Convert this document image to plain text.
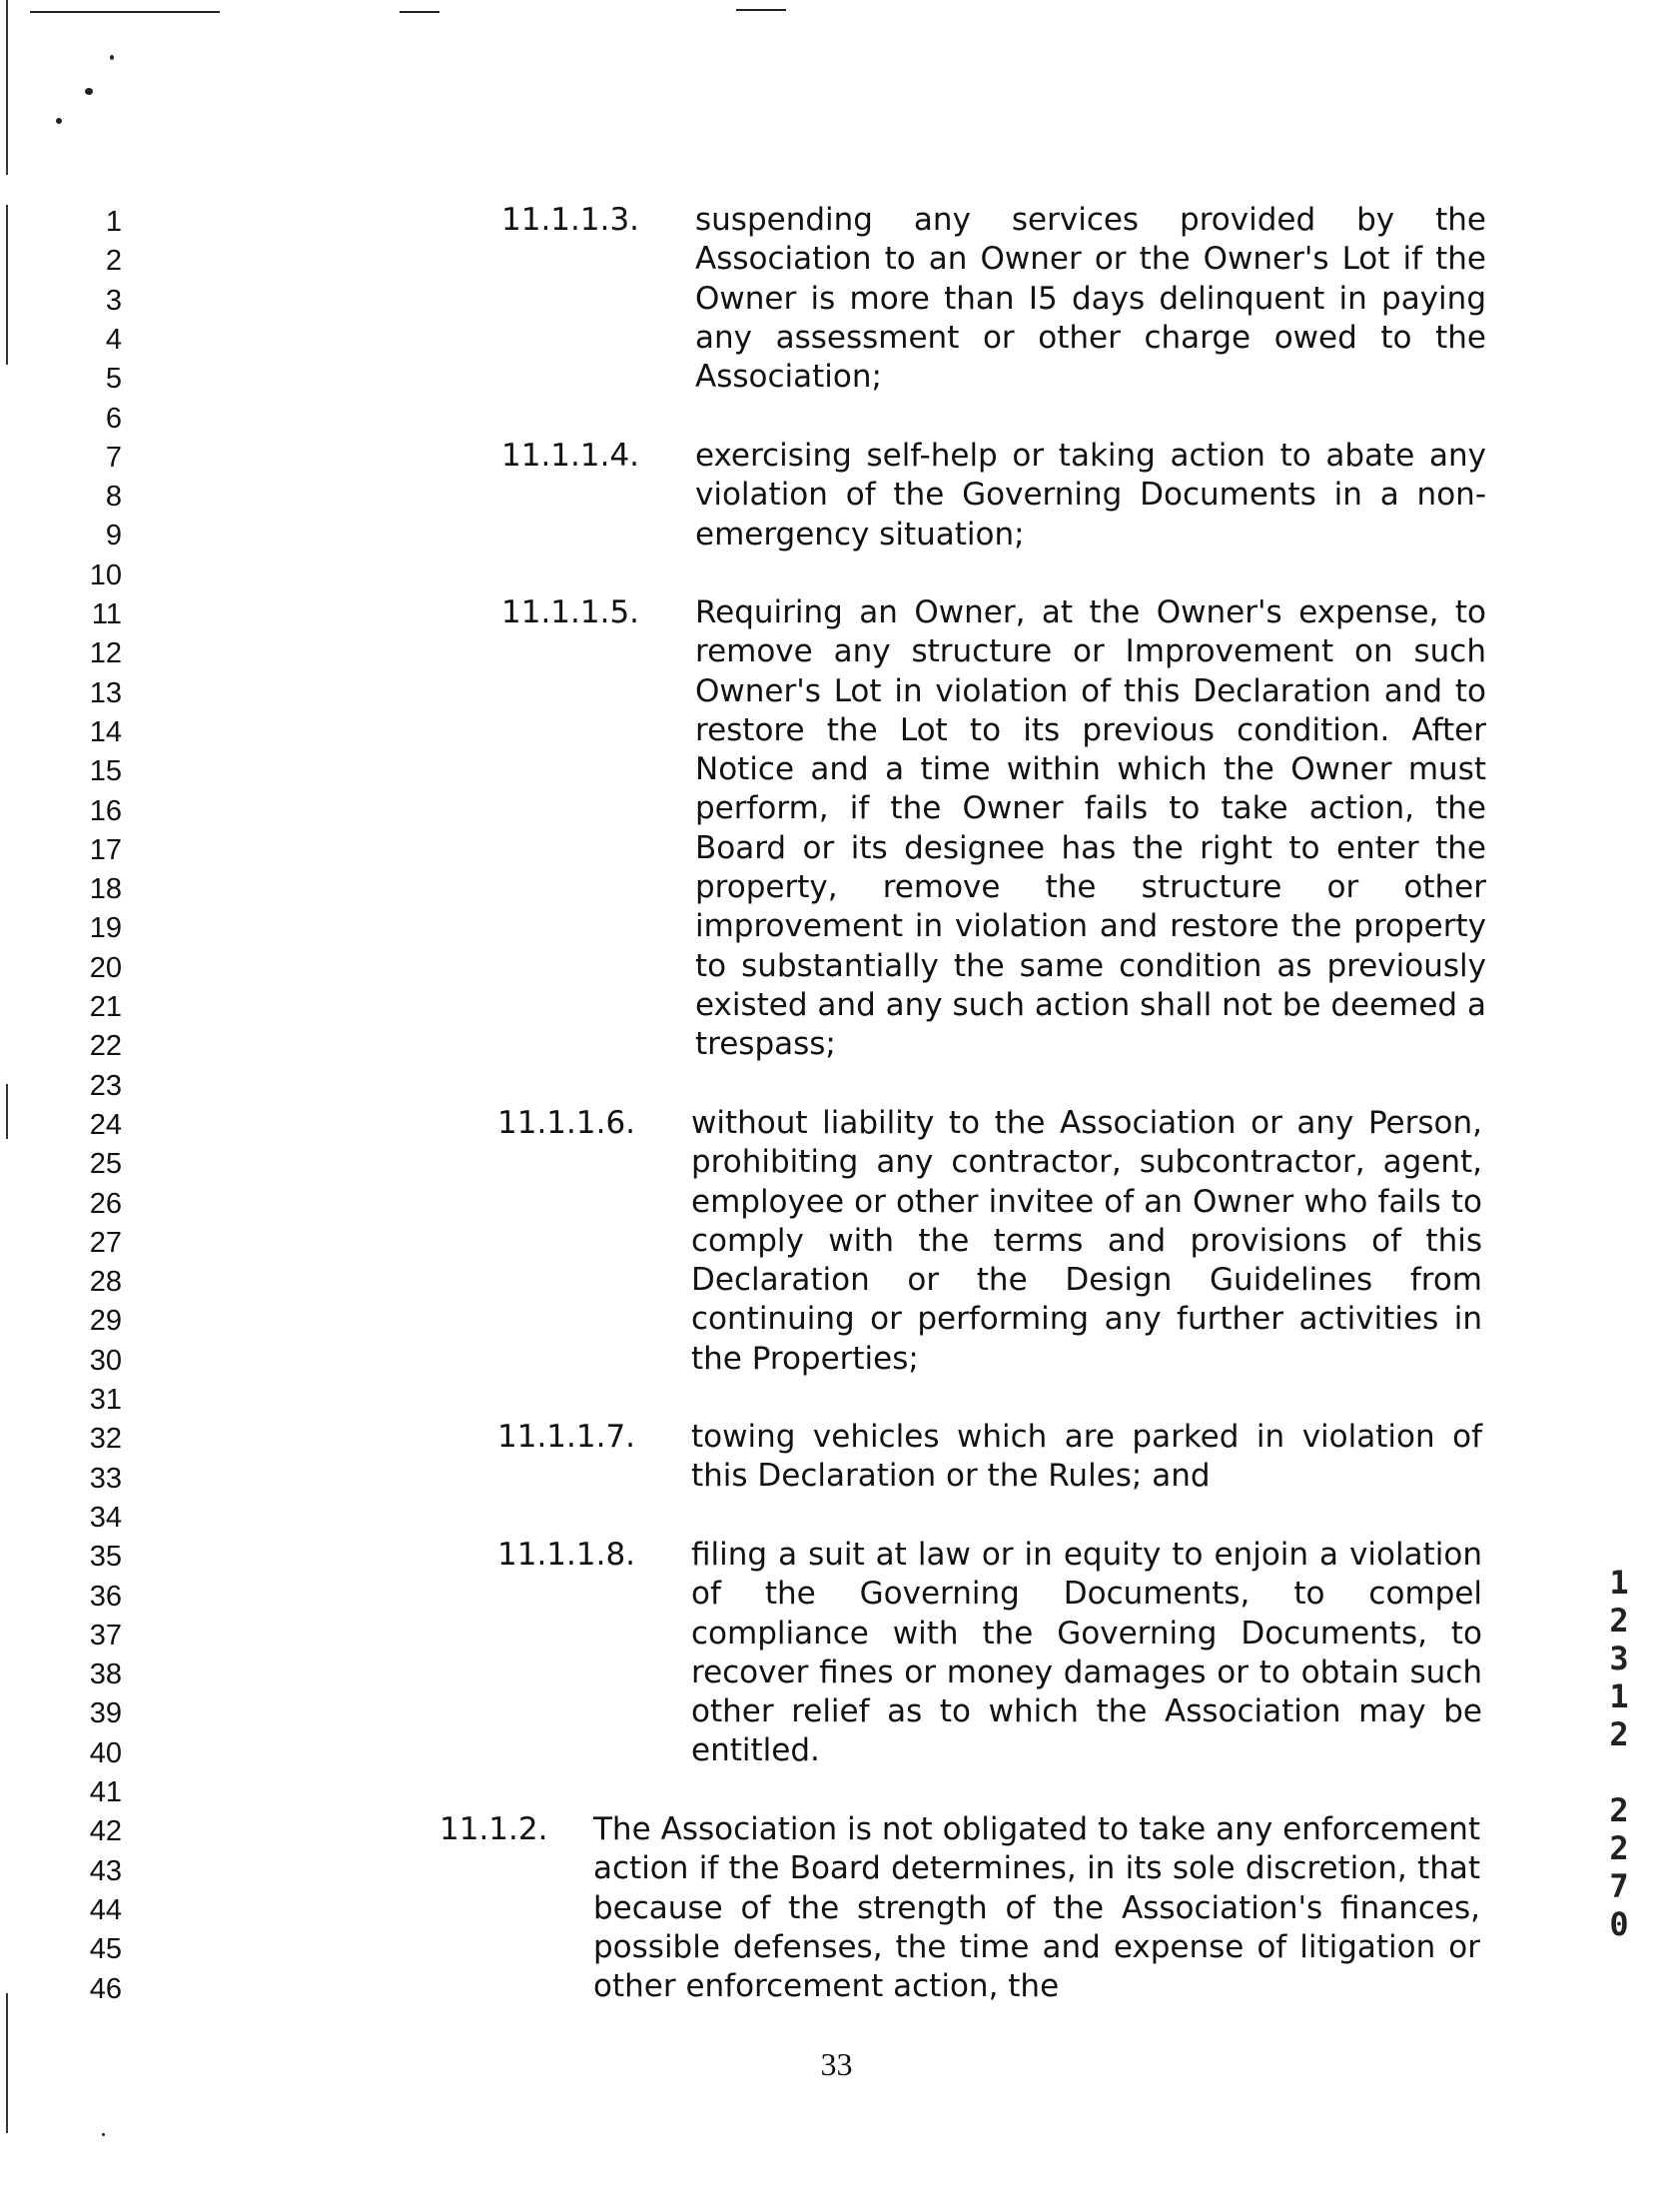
1
2
3
4
5
6
7
8
9
10
11
12
13
14
15
16
17
18
19
20
21
22
23
24
25
26
27
28
29
30
31
32
33
34
35
36
37
38
39
40
41
42
43
44
45
46
11.1.1.3. suspending any services provided by the Association to an Owner or the Owner's Lot if the Owner is more than I5 days delinquent in paying any assessment or other charge owed to the Association;
11.1.1.4. exercising self-help or taking action to abate any violation of the Governing Documents in a non-emergency situation;
11.1.1.5. Requiring an Owner, at the Owner's expense, to remove any structure or Improvement on such Owner's Lot in violation of this Declaration and to restore the Lot to its previous condition. After Notice and a time within which the Owner must perform, if the Owner fails to take action, the Board or its designee has the right to enter the property, remove the structure or other improvement in violation and restore the property to substantially the same condition as previously existed and any such action shall not be deemed a trespass;
11.1.1.6. without liability to the Association or any Person, prohibiting any contractor, subcontractor, agent, employee or other invitee of an Owner who fails to comply with the terms and provisions of this Declaration or the Design Guidelines from continuing or performing any further activities in the Properties;
11.1.1.7. towing vehicles which are parked in violation of this Declaration or the Rules; and
11.1.1.8. filing a suit at law or in equity to enjoin a violation of the Governing Documents, to compel compliance with the Governing Documents, to recover fines or money damages or to obtain such other relief as to which the Association may be entitled.
11.1.2. The Association is not obligated to take any enforcement action if the Board determines, in its sole discretion, that because of the strength of the Association's finances, possible defenses, the time and expense of litigation or other enforcement action, the
33
1
2
3
1
2
2
2
7
0
